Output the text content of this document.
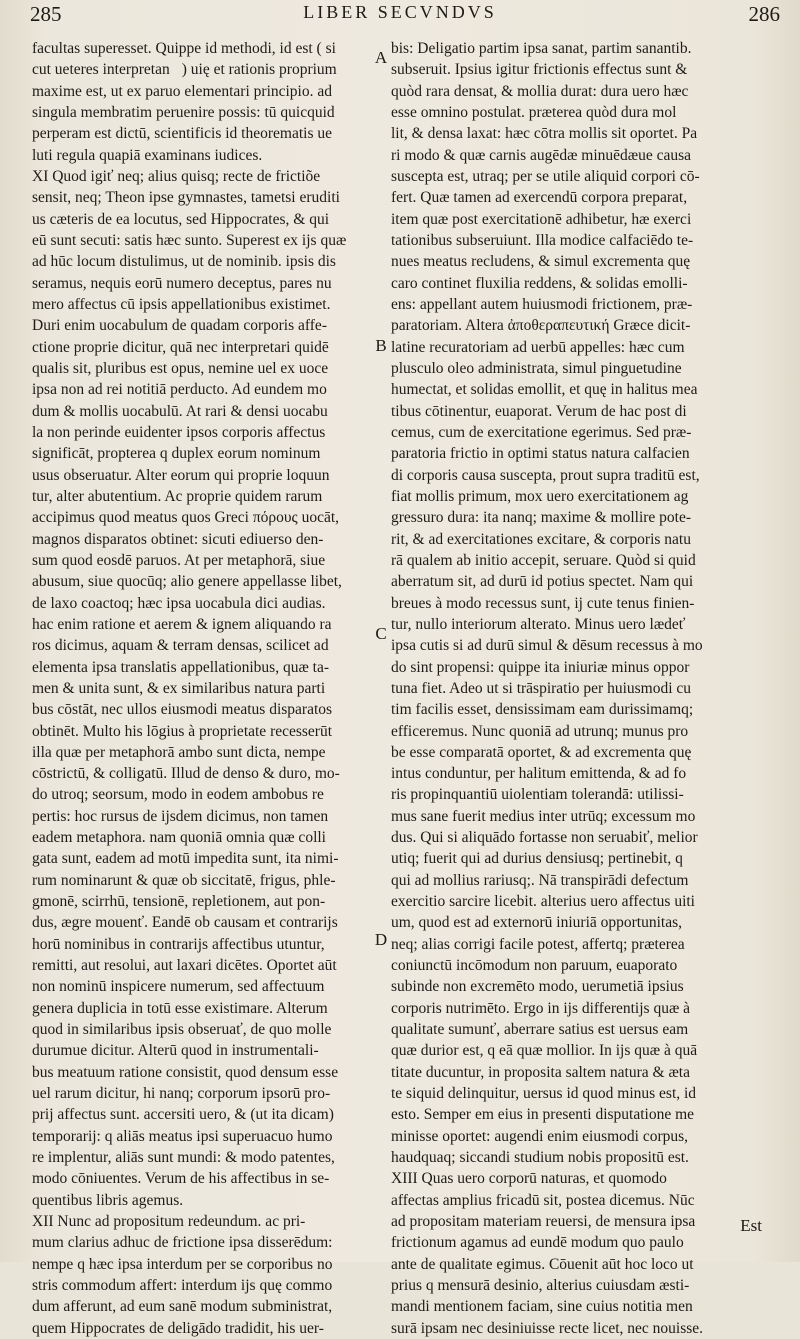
285	LIBER SECVNDVS	286
facultas superesset. Quippe id methodi, id est ( si
cut ueteres interpretanᷤ) uię et rationis proprium
maxime est, ut ex paruo elementari principio. ad
singula membratim peruenire possis: tū quicquid
perperam est dictū, scientificis id theorematis ue
luti regula quapiā examinans iudices.
XI Quod igiť neq; alius quisq; recte de frictiõe
sensit, neq; Theon ipse gymnastes, tametsi eruditi
us cæteris de ea locutus, sed Hippocrates, & qui
eū sunt secuti: satis hæc sunto. Superest ex ijs quæ
ad hūc locum distulimus, ut de nominib. ipsis dis
seramus, nequis eorū numero deceptus, pares nu
mero affectus cū ipsis appellationibus existimet.
Duri enim uocabulum de quadam corporis affe-
ctione proprie dicitur, quā nec interpretari quidē
qualis sit, pluribus est opus, nemine uel ex uoce
ipsa non ad rei notitiā perducto. Ad eundem mo
dum & mollis uocabulū. At rari & densi uocabu
la non perinde euidenter ipsos corporis affectus
significāt, propterea q duplex eorum nominum
usus obseruatur. Alter eorum qui proprie loquun
tur, alter abutentium. Ac proprie quidem rarum
accipimus quod meatus quos Greci πόρους uocāt,
magnos disparatos obtinet: sicuti ediuerso den-
sum quod eosdē paruos. At per metaphorā, siue
abusum, siue quocūq; alio genere appellasse libet,
de laxo coactoq; hæc ipsa uocabula dici audias.
hac enim ratione et aerem & ignem aliquando ra
ros dicimus, aquam & terram densas, scilicet ad
elementa ipsa translatis appellationibus, quæ ta-
men & unita sunt, & ex similaribus natura parti
bus cōstāt, nec ullos eiusmodi meatus disparatos
obtinēt. Multo his lōgius à proprietate recesserūt
illa quæ per metaphorā ambo sunt dicta, nempe
cōstrictū, & colligatū. Illud de denso & duro, mo-
do utroq; seorsum, modo in eodem ambobus re
pertis: hoc rursus de ijsdem dicimus, non tamen
eadem metaphora. nam quoniā omnia quæ colli
gata sunt, eadem ad motū impedita sunt, ita nimi-
rum nominarunt & quæ ob siccitatē, frigus, phle-
gmonē, scirrhū, tensionē, repletionem, aut pon-
dus, ægre mouenť. Eandē ob causam et contrarijs
horū nominibus in contrarijs affectibus utuntur,
remitti, aut resolui, aut laxari dicētes. Oportet aūt
non nominū inspicere numerum, sed affectuum
genera duplicia in totū esse existimare. Alterum
quod in similaribus ipsis obseruať, de quo molle
durumue dicitur. Alterū quod in instrumentali-
bus meatuum ratione consistit, quod densum esse
uel rarum dicitur, hi nanq; corporum ipsorū pro-
prij affectus sunt. accersiti uero, & (ut ita dicam)
temporarij: q aliās meatus ipsi superuacuo humo
re implentur, aliās sunt mundi: & modo patentes,
modo cōniuentes. Verum de his affectibus in se-
quentibus libris agemus.
XII Nunc ad propositum redeundum. ac pri-
mum clarius adhuc de frictione ipsa disserēdum:
nempe q hæc ipsa interdum per se corporibus no
stris commodum affert: interdum ijs quę commo
dum afferunt, ad eum sanē modum subministrat,
quem Hippocrates de deligādo tradidit, his uer-
A
B
C
D
bis: Deligatio partim ipsa sanat, partim sanantib.
subseruit. Ipsius igitur frictionis effectus sunt &
quòd rara densat, & mollia durat: dura uero hæc
esse omnino postulat. præterea quòd dura mol
lit, & densa laxat: hæc cōtra mollis sit oportet. Pa
ri modo & quæ carnis augēdæ minuēdæue causa
suscepta est, utraq; per se utile aliquid corpori cō-
fert. Quæ tamen ad exercendū corpora preparat,
item quæ post exercitationē adhibetur, hæ exerci
tationibus subseruiunt. Illa modice calfaciēdo te-
nues meatus recludens, & simul excrementa quę
caro continet fluxilia reddens, & solidas emolli-
ens: appellant autem huiusmodi frictionem, præ-
paratoriam. Altera ἀποθεραπευτική Græce dicit-
latine recuratoriam ad uerbū appelles: hæc cum
plusculo oleo administrata, simul pinguetudine
humectat, et solidas emollit, et quę in halitus mea
tibus cōtinentur, euaporat. Verum de hac post di
cemus, cum de exercitatione egerimus. Sed præ-
paratoria frictio in optimi status natura calfacien
di corporis causa suscepta, prout supra traditū est,
fiat mollis primum, mox uero exercitationem ag
gressuro dura: ita nanq; maxime & mollire pote-
rit, & ad exercitationes excitare, & corporis natu
rā qualem ab initio accepit, seruare. Quòd si quid
aberratum sit, ad durū id potius spectet. Nam qui
breues à modo recessus sunt, ij cute tenus finien-
tur, nullo interiorum alterato. Minus uero lædeť
ipsa cutis si ad durū simul & dēsum recessus à mo
do sint propensi: quippe ita iniuriæ minus oppor
tuna fiet. Adeo ut si trāspiratio per huiusmodi cu
tim facilis esset, densissimam eam durissimamq;
efficeremus. Nunc quoniā ad utrunq; munus pro
be esse comparatā oportet, & ad excrementa quę
intus conduntur, per halitum emittenda, & ad fo
ris propinquantiū uiolentiam tolerandā: utilissi-
mus sane fuerit medius inter utrūq; excessum mo
dus. Qui si aliquādo fortasse non seruabiť, melior
utiq; fuerit qui ad durius densiusq; pertinebit, q
qui ad mollius rariusq;. Nā transpirādi defectum
exercitio sarcire licebit. alterius uero affectus uiti
um, quod est ad externorū iniuriā opportunitas,
neq; alias corrigi facile potest, affertq; præterea
coniunctū incōmodum non paruum, euaporato
subinde non excremēto modo, uerumetiā ipsius
corporis nutrimēto. Ergo in ijs differentijs quæ à
qualitate sumunť, aberrare satius est uersus eam
quæ durior est, q eā quæ mollior. In ijs quæ à quā
titate ducuntur, in proposita saltem natura & æta
te siquid delinquitur, uersus id quod minus est, id
esto. Semper em eius in presenti disputatione me
minisse oportet: augendi enim eiusmodi corpus,
haudquaq; siccandi studium nobis propositū est.
XIII Quas uero corporū naturas, et quomodo
affectas amplius fricadū sit, postea dicemus. Nūc
ad propositam materiam reuersi, de mensura ipsa
frictionum agamus ad eundē modum quo paulo
ante de qualitate egimus. Cōuenit aūt hoc loco ut
prius q mensurā desinio, alterius cuiusdam æsti-
mandi mentionem faciam, sine cuius notitia men
surā ipsam nec desiniuisse recte licet, nec nouisse.
Est
